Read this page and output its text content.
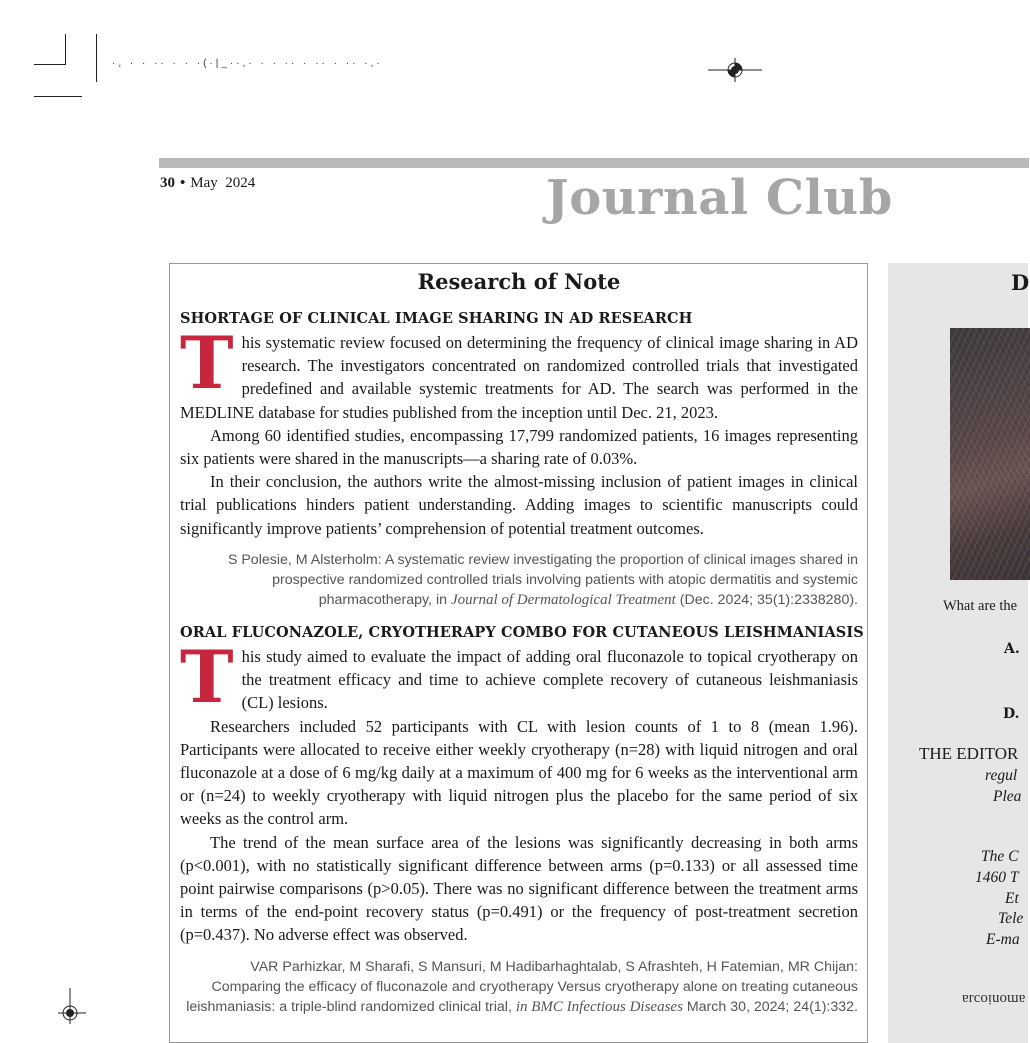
·, · · ·· · · ·(·|_··,· · · ·· · ·· · ·· ·,·
30 • May  2024	Journal Club
Research of Note
SHORTAGE OF CLINICAL IMAGE SHARING IN AD RESEARCH
T his systematic review focused on determining the frequency of clinical image sharing in AD research. The investigators concentrated on randomized controlled trials that investigated predefined and available systemic treatments for AD. The search was performed in the MEDLINE database for studies published from the inception until Dec. 21, 2023.

Among 60 identified studies, encompassing 17,799 randomized patients, 16 images representing six patients were shared in the manuscripts—a sharing rate of 0.03%.

In their conclusion, the authors write the almost-missing inclusion of patient images in clinical trial publications hinders patient understanding. Adding images to scientific manuscripts could significantly improve patients’ comprehension of potential treatment outcomes.

S Polesie, M Alsterholm: A systematic review investigating the proportion of clinical images shared in prospective randomized controlled trials involving patients with atopic dermatitis and systemic pharmacotherapy, in Journal of Dermatological Treatment (Dec. 2024; 35(1):2338280).
ORAL FLUCONAZOLE, CRYOTHERAPY COMBO FOR CUTANEOUS LEISHMANIASIS
T his study aimed to evaluate the impact of adding oral fluconazole to topical cryotherapy on the treatment efficacy and time to achieve complete recovery of cutaneous leishmaniasis (CL) lesions.

Researchers included 52 participants with CL with lesion counts of 1 to 8 (mean 1.96). Participants were allocated to receive either weekly cryotherapy (n=28) with liquid nitrogen and oral fluconazole at a dose of 6 mg/kg daily at a maximum of 400 mg for 6 weeks as the interventional arm or (n=24) to weekly cryotherapy with liquid nitrogen plus the placebo for the same period of six weeks as the control arm.

The trend of the mean surface area of the lesions was significantly decreasing in both arms (p<0.001), with no statistically significant difference between arms (p=0.133) or all assessed time point pairwise comparisons (p>0.05). There was no significant difference between the treatment arms in terms of the end-point recovery status (p=0.491) or the frequency of post-treatment secretion (p=0.437). No adverse effect was observed.

VAR Parhizkar, M Sharafi, S Mansuri, M Hadibarhaghtalab, S Afrashteh, H Fatemian, MR Chijan: Comparing the efficacy of fluconazole and cryotherapy Versus cryotherapy alone on treating cutaneous leishmaniasis: a triple-blind randomized clinical trial, in BMC Infectious Diseases March 30, 2024; 24(1):332.
D
What are the
A.
D.
THE EDITOR
regul
Plea
The C
1460 T
Et
Tele
E-ma
amonioɔɹa
